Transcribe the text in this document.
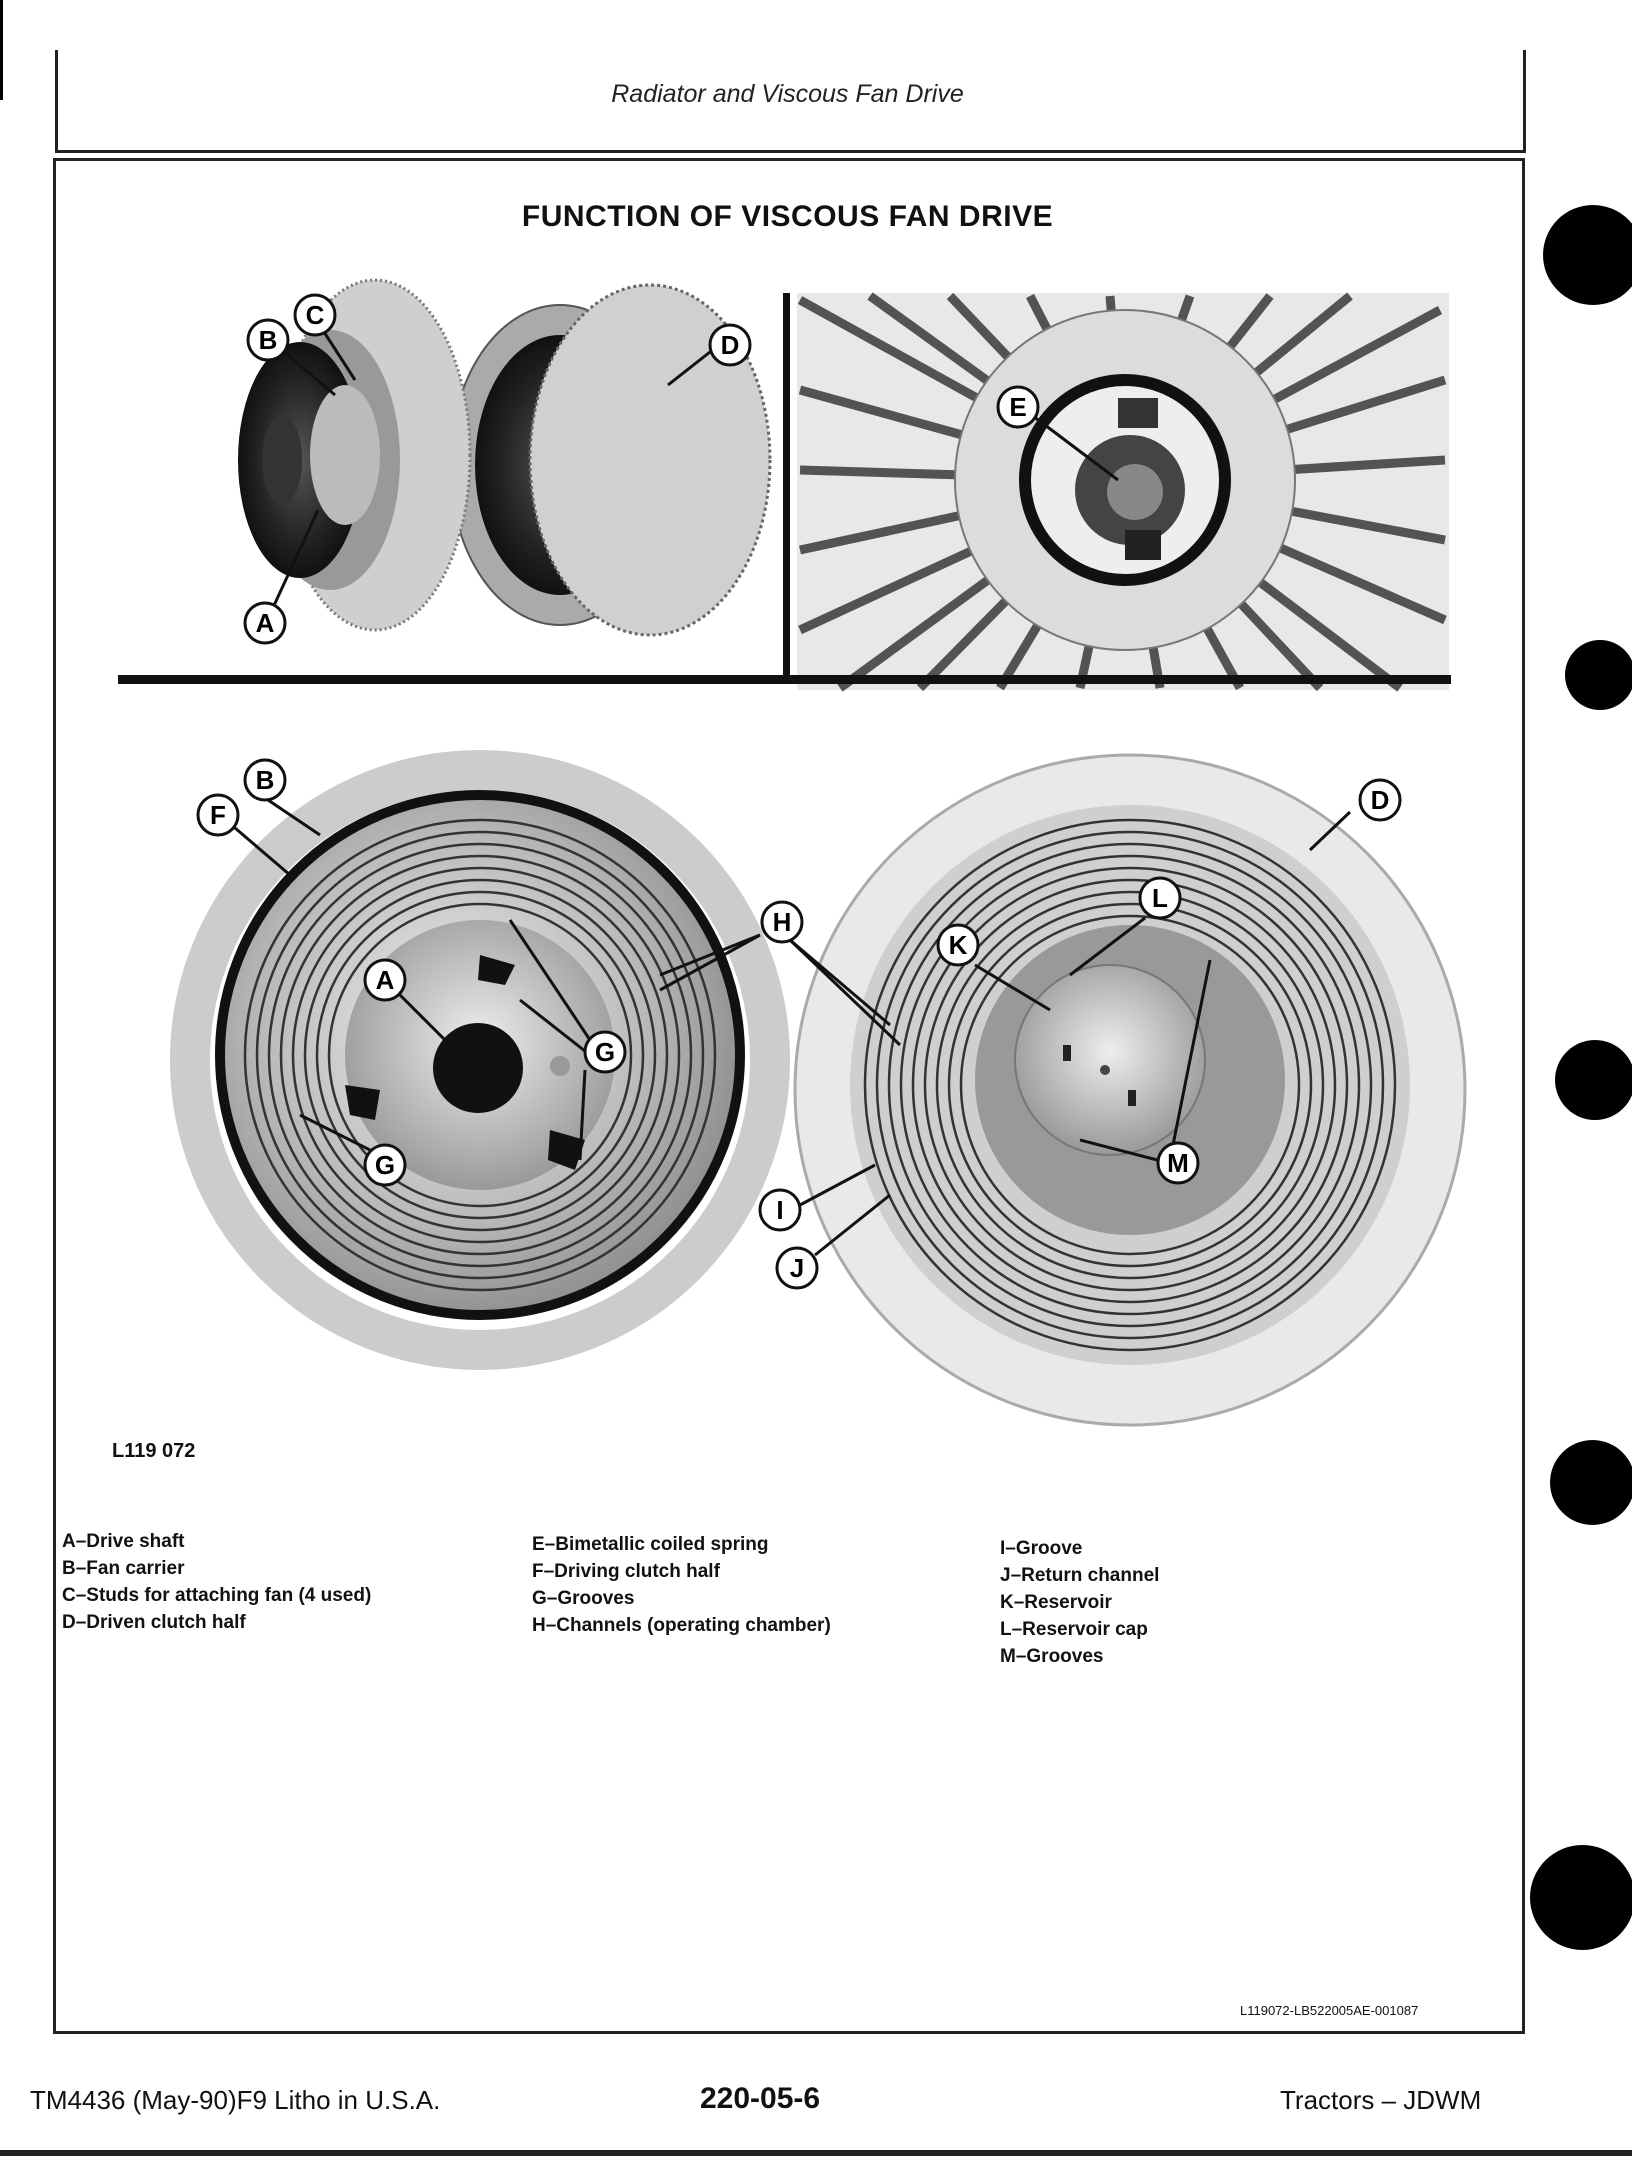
Radiator and Viscous Fan Drive
FUNCTION OF VISCOUS FAN DRIVE
A
B
C
D
E
B
F	D
A
G
G
H
K
L
M
I
J
L119 072
A–Drive shaft
B–Fan carrier
C–Studs for attaching fan (4 used)
D–Driven clutch half
E–Bimetallic coiled spring
F–Driving clutch half
G–Grooves
H–Channels (operating chamber)
I–Groove
J–Return channel
K–Reservoir
L–Reservoir cap
M–Grooves
L119072-LB522005AE-001087
TM4436 (May-90)F9 Litho in U.S.A.	220-05-6	Tractors – JDWM
